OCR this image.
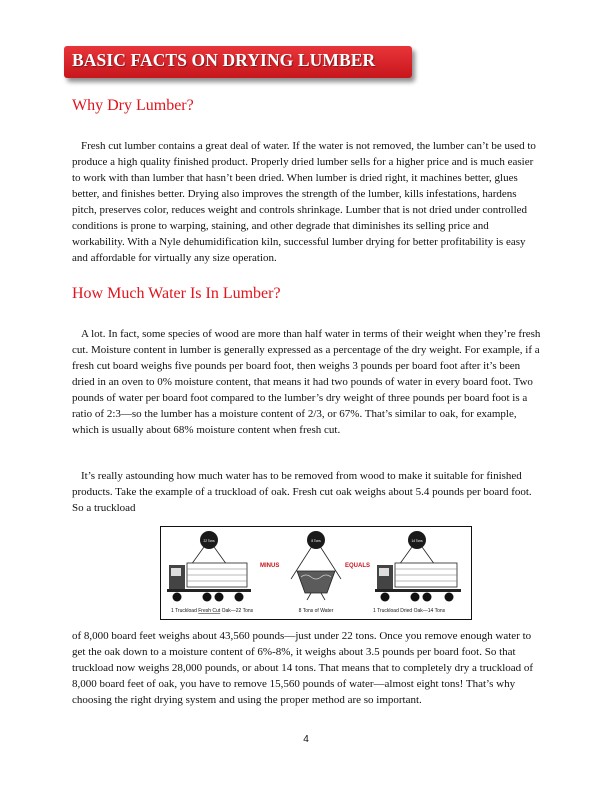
BASIC FACTS ON DRYING LUMBER
Why Dry Lumber?

Fresh cut lumber contains a great deal of water. If the water is not removed, the lumber can’t be used to produce a high quality finished product. Properly dried lumber sells for a higher price and is much easier to work with than lumber that hasn’t been dried. When lumber is dried right, it machines better, glues better, and finishes better. Drying also improves the strength of the lumber, kills infestations, hardens pitch, preserves color, reduces weight and controls shrinkage. Lumber that is not dried under controlled conditions is prone to warping, staining, and other degrade that diminishes its selling price and workability. With a Nyle dehumidification kiln, successful lumber drying for better profitability is easy and affordable for virtually any size operation.

How Much Water Is In Lumber?

A lot. In fact, some species of wood are more than half water in terms of their weight when they’re fresh cut. Moisture content in lumber is generally expressed as a percentage of the dry weight. For example, if a fresh cut board weighs five pounds per board foot, then weighs 3 pounds per board foot after it’s been dried in an oven to 0% moisture content, that means it had two pounds of water in every board foot. Two pounds of water per board foot compared to the lumber’s dry weight of three pounds per board foot is a ratio of 2:3—so the lumber has a moisture content of 2/3, or 67%. That’s similar to oak, for example, which is usually about 68% moisture content when fresh cut.

It’s really astounding how much water has to be removed from wood to make it suitable for finished products. Take the example of a truckload of oak. Fresh cut oak weighs about 5.4 pounds per board foot. So a truckload

22 Tons	8 Tons	14 Tons
MINUS	EQUALS
1 Truckload Fresh Cut Oak—22 Tons	8 Tons of Water	1 Truckload Dried Oak—14 Tons

of 8,000 board feet weighs about 43,560 pounds—just under 22 tons. Once you remove enough water to get the oak down to a moisture content of 6%-8%, it weighs about 3.5 pounds per board foot. So that truckload now weighs 28,000 pounds, or about 14 tons. That means that to completely dry a truckload of 8,000 board feet of oak, you have to remove 15,560 pounds of water—almost eight tons! That’s why choosing the right drying system and using the proper method are so important.

4
